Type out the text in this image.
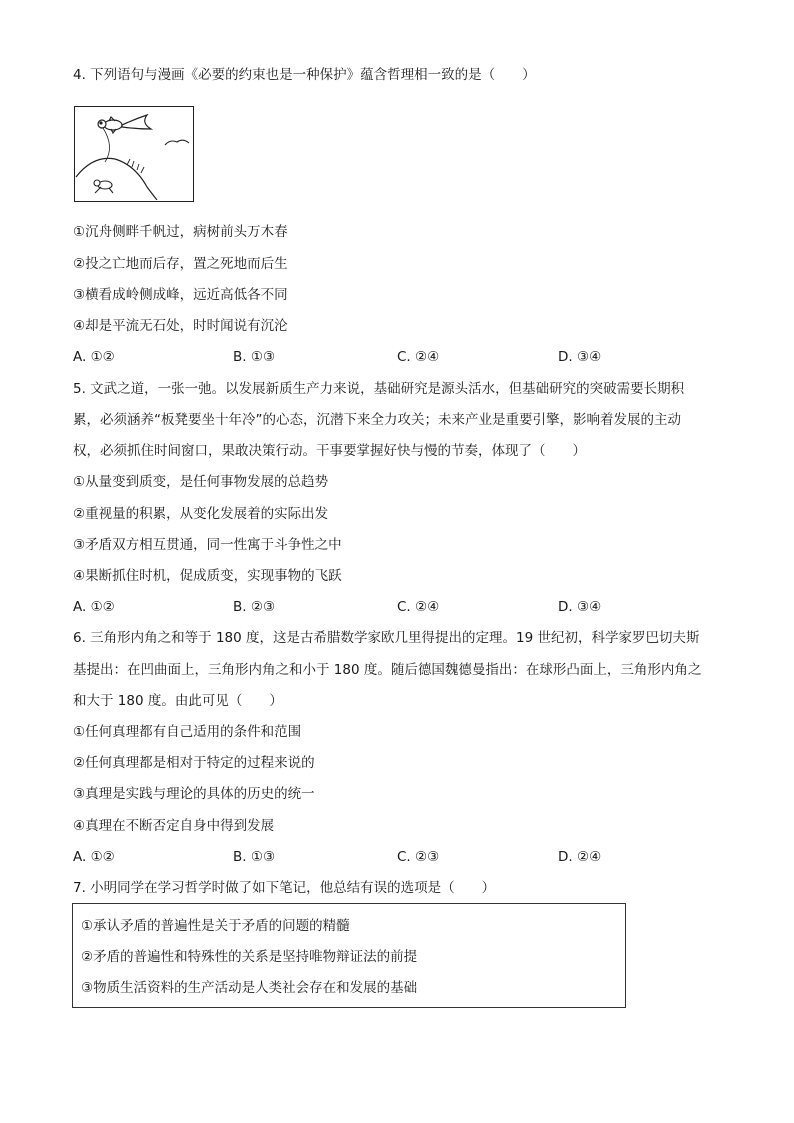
4. 下列语句与漫画《必要的约束也是一种保护》蕴含哲理相一致的是（　　）
①沉舟侧畔千帆过，病树前头万木春
②投之亡地而后存，置之死地而后生
③横看成岭侧成峰，远近高低各不同
④却是平流无石处，时时闻说有沉沦
A. ①②	B. ①③	C. ②④	D. ③④
5. 文武之道，一张一弛。以发展新质生产力来说，基础研究是源头活水，但基础研究的突破需要长期积
累，必须涵养“板凳要坐十年冷”的心态，沉潜下来全力攻关；未来产业是重要引擎，影响着发展的主动
权，必须抓住时间窗口，果敢决策行动。干事要掌握好快与慢的节奏，体现了（　　）
①从量变到质变，是任何事物发展的总趋势
②重视量的积累，从变化发展着的实际出发
③矛盾双方相互贯通，同一性寓于斗争性之中
④果断抓住时机，促成质变，实现事物的飞跃
A. ①②	B. ②③	C. ②④	D. ③④
6. 三角形内角之和等于 180 度，这是古希腊数学家欧几里得提出的定理。19 世纪初，科学家罗巴切夫斯
基提出：在凹曲面上，三角形内角之和小于 180 度。随后德国魏德曼指出：在球形凸面上，三角形内角之
和大于 180 度。由此可见（　　）
①任何真理都有自己适用的条件和范围
②任何真理都是相对于特定的过程来说的
③真理是实践与理论的具体的历史的统一
④真理在不断否定自身中得到发展
A. ①②	B. ①③	C. ②③	D. ②④
7. 小明同学在学习哲学时做了如下笔记，他总结有误的选项是（　　）
①承认矛盾的普遍性是关于矛盾的问题的精髓
②矛盾的普遍性和特殊性的关系是坚持唯物辩证法的前提
③物质生活资料的生产活动是人类社会存在和发展的基础
